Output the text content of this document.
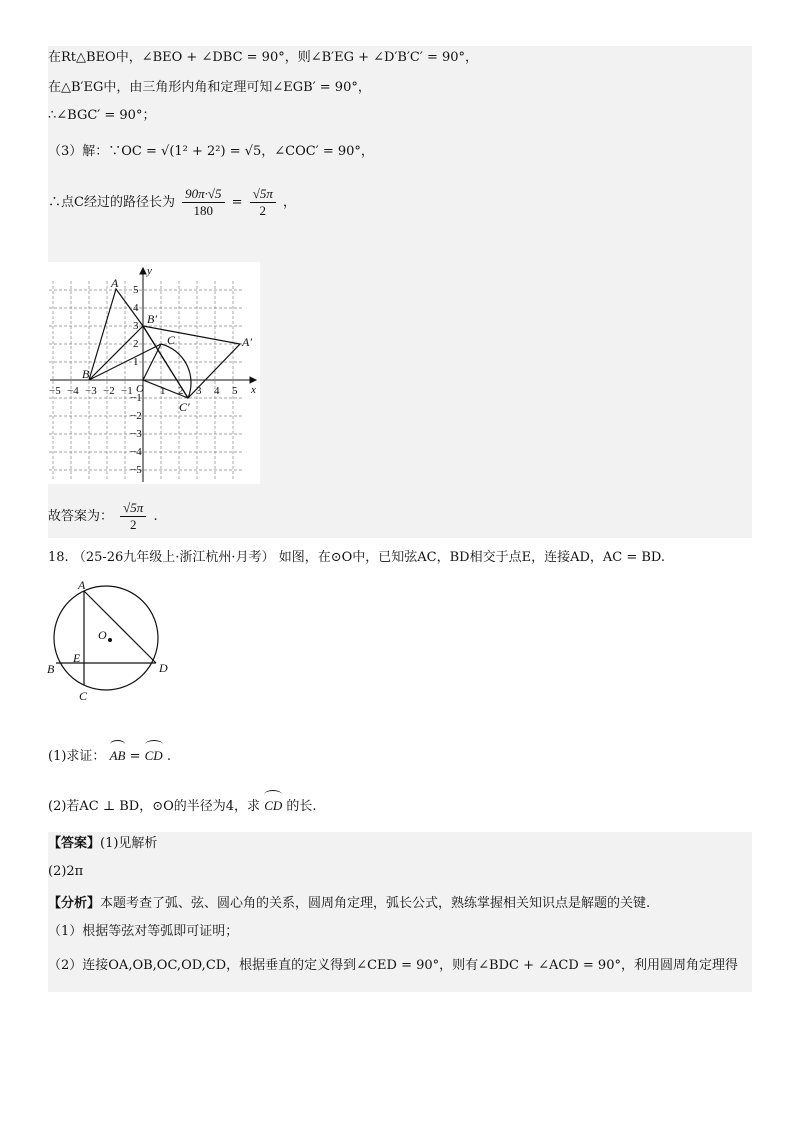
在Rt△BEO中，∠BEO + ∠DBC = 90°，则∠B′EG + ∠D′B′C′ = 90°，
在△B′EG中，由三角形内角和定理可知∠EGB′ = 90°，
∴∠BGC′ = 90°；
（3）解：∵OC = √(1² + 2²) = √5，∠COC′ = 90°，
∴点C经过的路径长为 $\frac{90\pi\cdot√5}{180} = \frac{√5\pi}{2}$ ，
−5 −4 −3 −2 −1 1 2 3 4 5
5
4
3
2
1
−1
−2
−3
−4
−5
O	x
y
A
B
C
B′
A′
C′
故答案为： $\frac{√5\pi}{2}$ .
18. （25-26九年级上·浙江杭州·月考） 如图，在⊙O中，已知弦AC，BD相交于点E，连接AD，AC = BD.
A
B
C
D
E
O
(1)求证： AB = CD .
(2)若AC ⊥ BD，⊙O的半径为4，求 CD 的长.
【答案】(1)见解析
(2)2π
【分析】本题考查了弧、弦、圆心角的关系，圆周角定理，弧长公式，熟练掌握相关知识点是解题的关键.
（1）根据等弦对等弧即可证明；
（2）连接OA,OB,OC,OD,CD，根据垂直的定义得到∠CED = 90°，则有∠BDC + ∠ACD = 90°，利用圆周角定理得
